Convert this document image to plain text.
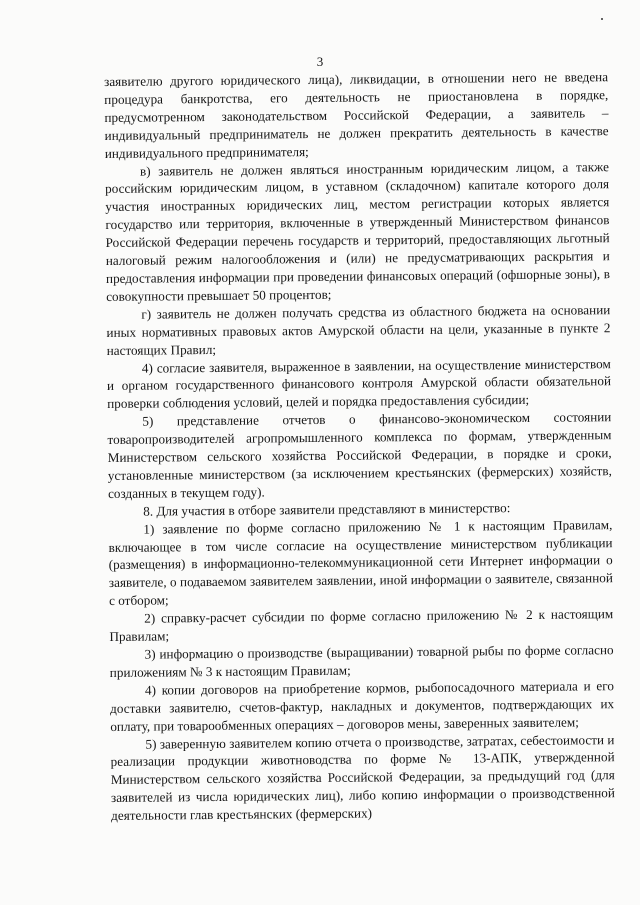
3

заявителю другого юридического лица), ликвидации, в отношении него не введена процедура банкротства, его деятельность не приостановлена в порядке, предусмотренном законодательством Российской Федерации, а заявитель – индивидуальный предприниматель не должен прекратить деятельность в качестве индивидуального предпринимателя;

в) заявитель не должен являться иностранным юридическим лицом, а также российским юридическим лицом, в уставном (складочном) капитале которого доля участия иностранных юридических лиц, местом регистрации которых является государство или территория, включенные в утвержденный Министерством финансов Российской Федерации перечень государств и территорий, предоставляющих льготный налоговый режим налогообложения и (или) не предусматривающих раскрытия и предоставления информации при проведении финансовых операций (офшорные зоны), в совокупности превышает 50 процентов;

г) заявитель не должен получать средства из областного бюджета на основании иных нормативных правовых актов Амурской области на цели, указанные в пункте 2 настоящих Правил;

4) согласие заявителя, выраженное в заявлении, на осуществление министерством и органом государственного финансового контроля Амурской области обязательной проверки соблюдения условий, целей и порядка предоставления субсидии;

5) представление отчетов о финансово-экономическом состоянии товаропроизводителей агропромышленного комплекса по формам, утвержденным Министерством сельского хозяйства Российской Федерации, в порядке и сроки, установленные министерством (за исключением крестьянских (фермерских) хозяйств, созданных в текущем году).

8. Для участия в отборе заявители представляют в министерство:

1) заявление по форме согласно приложению № 1 к настоящим Правилам, включающее в том числе согласие на осуществление министерством публикации (размещения) в информационно-телекоммуникационной сети Интернет информации о заявителе, о подаваемом заявителем заявлении, иной информации о заявителе, связанной с отбором;

2) справку-расчет субсидии по форме согласно приложению № 2 к настоящим Правилам;

3) информацию о производстве (выращивании) товарной рыбы по форме согласно приложениям № 3 к настоящим Правилам;

4) копии договоров на приобретение кормов, рыбопосадочного материала и его доставки заявителю, счетов-фактур, накладных и документов, подтверждающих их оплату, при товарообменных операциях – договоров мены, заверенных заявителем;

5) заверенную заявителем копию отчета о производстве, затратах, себестоимости и реализации продукции животноводства по форме № 13-АПК, утвержденной Министерством сельского хозяйства Российской Федерации, за предыдущий год (для заявителей из числа юридических лиц), либо копию информации о производственной деятельности глав крестьянских (фермерских)
